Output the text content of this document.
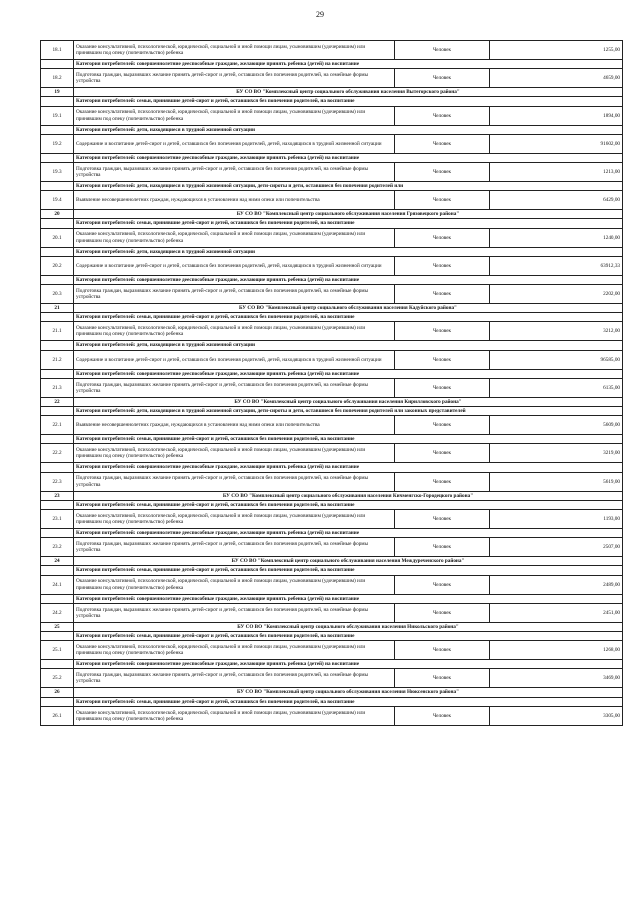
29
18.1	Оказание консультативной, психологической, юридической, социальной и иной помощи лицам, усыновившим (удочерившим) или принявшим под опеку (попечительство) ребенка	Человек	1255,00
	Категория потребителей: совершеннолетние дееспособные граждане, желающие принять ребенка (детей) на воспитание		
18.2	Подготовка граждан, выразивших желание принять детей-сирот и детей, оставшихся без попечения родителей, на семейные формы устройства	Человек	4659,00
19	БУ СО ВО "Комплексный центр социального обслуживания населения Вытегорского района"		
	Категория потребителей: семьи, принявшие детей-сирот и детей, оставшихся без попечения родителей, на воспитание		
19.1	Оказание консультативной, психологической, юридической, социальной и иной помощи лицам, усыновившим (удочерившим) или принявшим под опеку (попечительство) ребенка	Человек	1894,00
	Категория потребителей: дети, находящиеся в трудной жизненной ситуации		
19.2	Содержание и воспитание детей-сирот и детей, оставшихся без попечения родителей, детей, находящихся в трудной жизненной ситуации	Человек	91602,00
	Категория потребителей: совершеннолетние дееспособные граждане, желающие принять ребенка (детей) на воспитание		
19.3	Подготовка граждан, выразивших желание принять детей-сирот и детей, оставшихся без попечения родителей, на семейные формы устройства	Человек	1213,00
	Категория потребителей: дети, находящиеся в трудной жизненной ситуации, дети-сироты и дети, оставшиеся без попечения родителей или		
19.4	Выявление несовершеннолетних граждан, нуждающихся в установлении над ними опеки или попечительства	Человек	6429,00
20	БУ СО ВО "Комплексный центр социального обслуживания населения Грязовецкого района"		
	Категория потребителей: семьи, принявшие детей-сирот и детей, оставшихся без попечения родителей, на воспитание		
20.1	Оказание консультативной, психологической, юридической, социальной и иной помощи лицам, усыновившим (удочерившим) или принявшим под опеку (попечительство) ребенка	Человек	1240,00
	Категория потребителей: дети, находящиеся в трудной жизненной ситуации		
20.2	Содержание и воспитание детей-сирот и детей, оставшихся без попечения родителей, детей, находящихся в трудной жизненной ситуации	Человек	63912,33
	Категория потребителей: совершеннолетние дееспособные граждане, желающие принять ребенка (детей) на воспитание		
20.3	Подготовка граждан, выразивших желание принять детей-сирот и детей, оставшихся без попечения родителей, на семейные формы устройства	Человек	2202,00
21	БУ СО ВО "Комплексный центр социального обслуживания населения Кадуйского района"		
	Категория потребителей: семьи, принявшие детей-сирот и детей, оставшихся без попечения родителей, на воспитание		
21.1	Оказание консультативной, психологической, юридической, социальной и иной помощи лицам, усыновившим (удочерившим) или принявшим под опеку (попечительство) ребенка	Человек	3212,00
	Категория потребителей: дети, находящиеся в трудной жизненной ситуации		
21.2	Содержание и воспитание детей-сирот и детей, оставшихся без попечения родителей, детей, находящихся в трудной жизненной ситуации	Человек	96585,00
	Категория потребителей: совершеннолетние дееспособные граждане, желающие принять ребенка (детей) на воспитание		
21.3	Подготовка граждан, выразивших желание принять детей-сирот и детей, оставшихся без попечения родителей, на семейные формы устройства	Человек	6135,00
22	БУ СО ВО "Комплексный центр социального обслуживания населения Кирилловского района"		
	Категория потребителей: дети, находящиеся в трудной жизненной ситуации, дети-сироты и дети, оставшиеся без попечения родителей или законных представителей		
22.1	Выявление несовершеннолетних граждан, нуждающихся в установлении над ними опеки или попечительства	Человек	5609,00
	Категория потребителей: семьи, принявшие детей-сирот и детей, оставшихся без попечения родителей, на воспитание		
22.2	Оказание консультативной, психологической, юридической, социальной и иной помощи лицам, усыновившим (удочерившим) или принявшим под опеку (попечительство) ребенка	Человек	3219,00
	Категория потребителей: совершеннолетние дееспособные граждане, желающие принять ребенка (детей) на воспитание		
22.3	Подготовка граждан, выразивших желание принять детей-сирот и детей, оставшихся без попечения родителей, на семейные формы устройства	Человек	5619,00
23	БУ СО ВО "Комплексный центр социального обслуживания населения Кичменгско-Городецкого района"		
	Категория потребителей: семьи, принявшие детей-сирот и детей, оставшихся без попечения родителей, на воспитание		
23.1	Оказание консультативной, психологической, юридической, социальной и иной помощи лицам, усыновившим (удочерившим) или принявшим под опеку (попечительство) ребенка	Человек	1193,00
	Категория потребителей: совершеннолетние дееспособные граждане, желающие принять ребенка (детей) на воспитание		
23.2	Подготовка граждан, выразивших желание принять детей-сирот и детей, оставшихся без попечения родителей, на семейные формы устройства	Человек	2507,00
24	БУ СО ВО "Комплексный центр социального обслуживания населения Междуреченского района"		
	Категория потребителей: семьи, принявшие детей-сирот и детей, оставшихся без попечения родителей, на воспитание		
24.1	Оказание консультативной, психологической, юридической, социальной и иной помощи лицам, усыновившим (удочерившим) или принявшим под опеку (попечительство) ребенка	Человек	2489,00
	Категория потребителей: совершеннолетние дееспособные граждане, желающие принять ребенка (детей) на воспитание		
24.2	Подготовка граждан, выразивших желание принять детей-сирот и детей, оставшихся без попечения родителей, на семейные формы устройства	Человек	2451,00
25	БУ СО ВО "Комплексный центр социального обслуживания населения Никольского района"		
	Категория потребителей: семьи, принявшие детей-сирот и детей, оставшихся без попечения родителей, на воспитание		
25.1	Оказание консультативной, психологической, юридической, социальной и иной помощи лицам, усыновившим (удочерившим) или принявшим под опеку (попечительство) ребенка	Человек	1268,00
	Категория потребителей: совершеннолетние дееспособные граждане, желающие принять ребенка (детей) на воспитание		
25.2	Подготовка граждан, выразивших желание принять детей-сирот и детей, оставшихся без попечения родителей, на семейные формы устройства	Человек	3469,00
26	БУ СО ВО "Комплексный центр социального обслуживания населения Нюксенского района"		
	Категория потребителей: семьи, принявшие детей-сирот и детей, оставшихся без попечения родителей, на воспитание		
26.1	Оказание консультативной, психологической, юридической, социальной и иной помощи лицам, усыновившим (удочерившим) или принявшим под опеку (попечительство) ребенка	Человек	3305,00
